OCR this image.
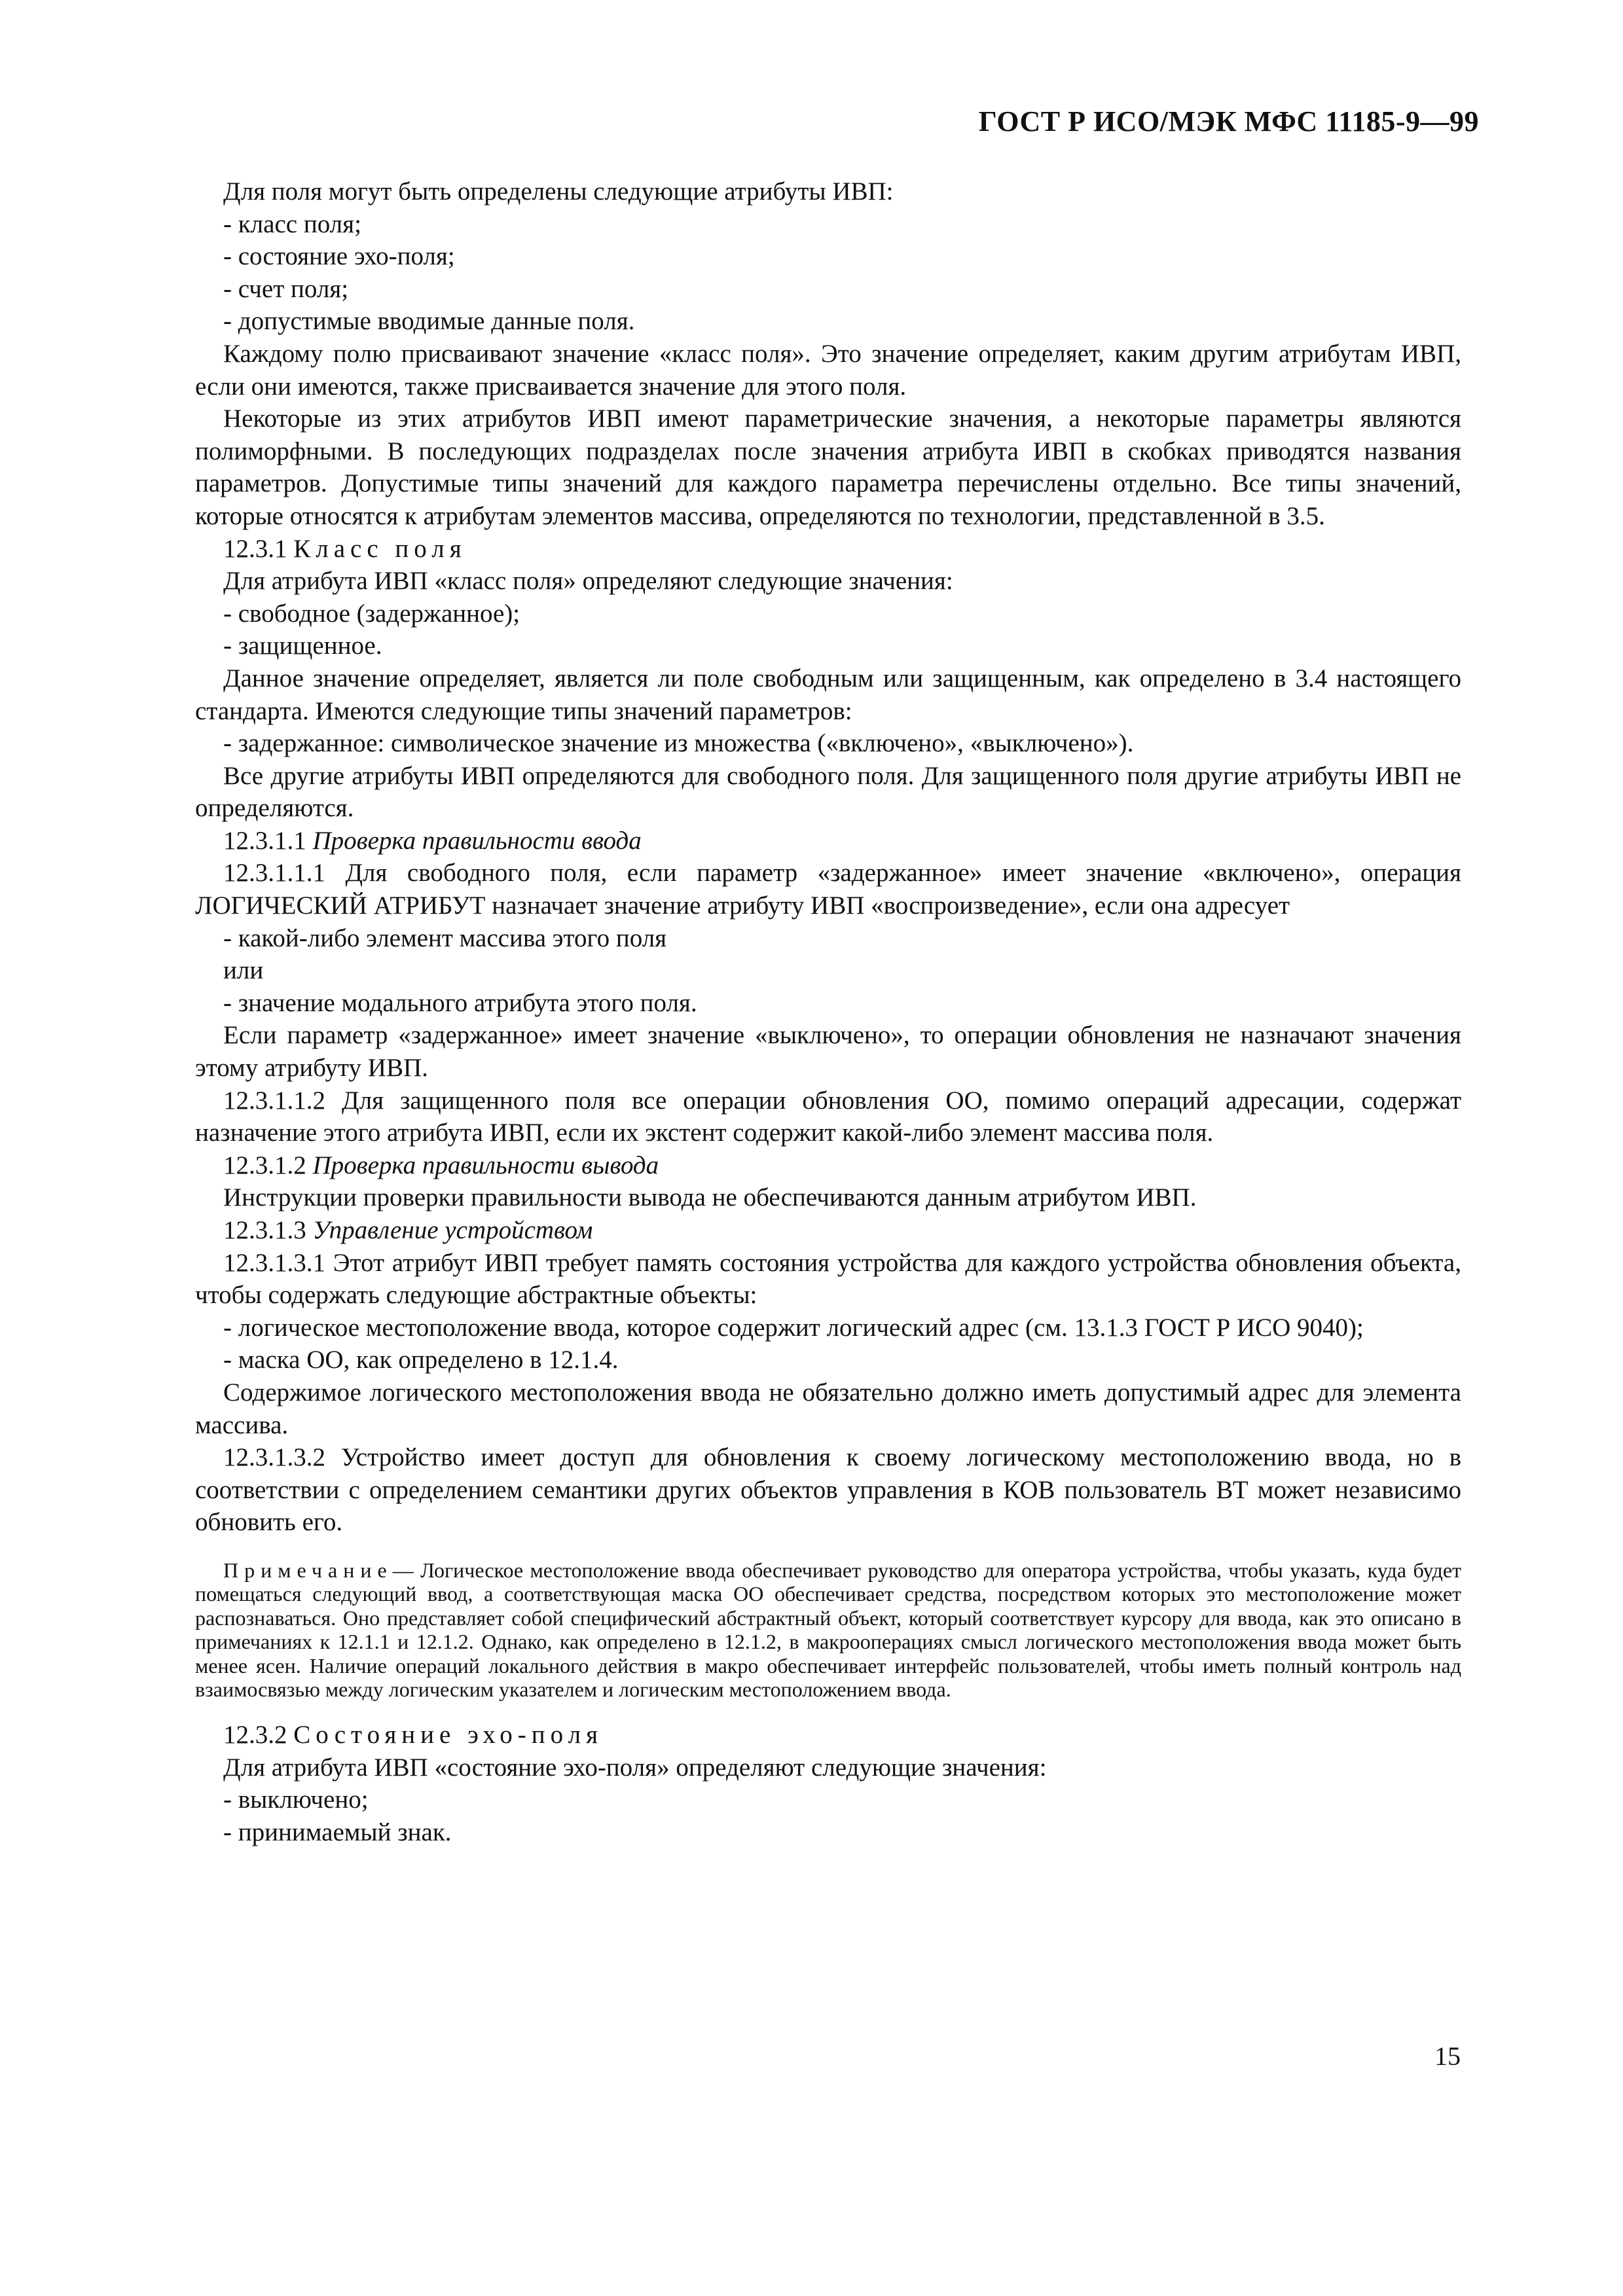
ГОСТ Р ИСО/МЭК МФС 11185-9—99

Для поля могут быть определены следующие атрибуты ИВП:

- класс поля;

- состояние эхо-поля;

- счет поля;

- допустимые вводимые данные поля.

Каждому полю присваивают значение «класс поля». Это значение определяет, каким другим атрибутам ИВП, если они имеются, также присваивается значение для этого поля.

Некоторые из этих атрибутов ИВП имеют параметрические значения, а некоторые параметры являются полиморфными. В последующих подразделах после значения атрибута ИВП в скобках приводятся названия параметров. Допустимые типы значений для каждого параметра перечислены отдельно. Все типы значений, которые относятся к атрибутам элементов массива, определяются по технологии, представленной в 3.5.

12.3.1 Класс поля

Для атрибута ИВП «класс поля» определяют следующие значения:

- свободное (задержанное);

- защищенное.

Данное значение определяет, является ли поле свободным или защищенным, как определено в 3.4 настоящего стандарта. Имеются следующие типы значений параметров:

- задержанное: символическое значение из множества («включено», «выключено»).

Все другие атрибуты ИВП определяются для свободного поля. Для защищенного поля другие атрибуты ИВП не определяются.

12.3.1.1 Проверка правильности ввода

12.3.1.1.1 Для свободного поля, если параметр «задержанное» имеет значение «включено», операция ЛОГИЧЕСКИЙ АТРИБУТ назначает значение атрибуту ИВП «воспроизведение», если она адресует

- какой-либо элемент массива этого поля

или

- значение модального атрибута этого поля.

Если параметр «задержанное» имеет значение «выключено», то операции обновления не назначают значения этому атрибуту ИВП.

12.3.1.1.2 Для защищенного поля все операции обновления ОО, помимо операций адресации, содержат назначение этого атрибута ИВП, если их экстент содержит какой-либо элемент массива поля.

12.3.1.2 Проверка правильности вывода

Инструкции проверки правильности вывода не обеспечиваются данным атрибутом ИВП.

12.3.1.3 Управление устройством

12.3.1.3.1 Этот атрибут ИВП требует память состояния устройства для каждого устройства обновления объекта, чтобы содержать следующие абстрактные объекты:

- логическое местоположение ввода, которое содержит логический адрес (см. 13.1.3 ГОСТ Р ИСО 9040);

- маска ОО, как определено в 12.1.4.

Содержимое логического местоположения ввода не обязательно должно иметь допустимый адрес для элемента массива.

12.3.1.3.2 Устройство имеет доступ для обновления к своему логическому местоположению ввода, но в соответствии с определением семантики других объектов управления в КОВ пользователь ВТ может независимо обновить его.

Примечание— Логическое местоположение ввода обеспечивает руководство для оператора устройства, чтобы указать, куда будет помещаться следующий ввод, а соответствующая маска ОО обеспечивает средства, посредством которых это местоположение может распознаваться. Оно представляет собой специфический абстрактный объект, который соответствует курсору для ввода, как это описано в примечаниях к 12.1.1 и 12.1.2. Однако, как определено в 12.1.2, в макрооперациях смысл логического местоположения ввода может быть менее ясен. Наличие операций локального действия в макро обеспечивает интерфейс пользователей, чтобы иметь полный контроль над взаимосвязью между логическим указателем и логическим местоположением ввода.

12.3.2 Состояние эхо-поля

Для атрибута ИВП «состояние эхо-поля» определяют следующие значения:

- выключено;

- принимаемый знак.

15
